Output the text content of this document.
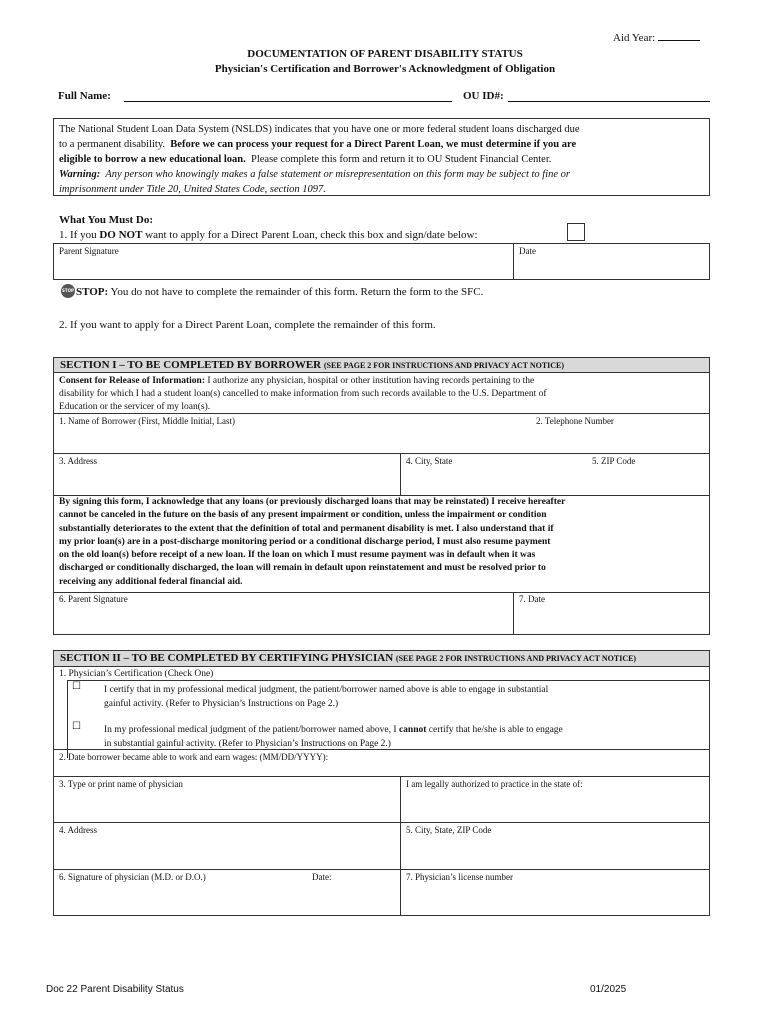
Aid Year:
DOCUMENTATION OF PARENT DISABILITY STATUS
Physician's Certification and Borrower's Acknowledgment of Obligation
Full Name:	OU ID#:
The National Student Loan Data System (NSLDS) indicates that you have one or more federal student loans discharged due
to a permanent disability. Before we can process your request for a Direct Parent Loan, we must determine if you are
eligible to borrow a new educational loan. Please complete this form and return it to OU Student Financial Center.
Warning: Any person who knowingly makes a false statement or misrepresentation on this form may be subject to fine or
imprisonment under Title 20, United States Code, section 1097.
What You Must Do:
1. If you DO NOT want to apply for a Direct Parent Loan, check this box and sign/date below:
Parent Signature	Date
STOP STOP: You do not have to complete the remainder of this form. Return the form to the SFC.
2. If you want to apply for a Direct Parent Loan, complete the remainder of this form.
SECTION I – TO BE COMPLETED BY BORROWER (SEE PAGE 2 FOR INSTRUCTIONS AND PRIVACY ACT NOTICE)
Consent for Release of Information: I authorize any physician, hospital or other institution having records pertaining to the
disability for which I had a student loan(s) cancelled to make information from such records available to the U.S. Department of
Education or the servicer of my loan(s).
1. Name of Borrower (First, Middle Initial, Last)	2. Telephone Number
3. Address	4. City, State	5. ZIP Code
By signing this form, I acknowledge that any loans (or previously discharged loans that may be reinstated) I receive hereafter
cannot be canceled in the future on the basis of any present impairment or condition, unless the impairment or condition
substantially deteriorates to the extent that the definition of total and permanent disability is met. I also understand that if
my prior loan(s) are in a post-discharge monitoring period or a conditional discharge period, I must also resume payment
on the old loan(s) before receipt of a new loan. If the loan on which I must resume payment was in default when it was
discharged or conditionally discharged, the loan will remain in default upon reinstatement and must be resolved prior to
receiving any additional federal financial aid.
6. Parent Signature	7. Date
SECTION II – TO BE COMPLETED BY CERTIFYING PHYSICIAN (SEE PAGE 2 FOR INSTRUCTIONS AND PRIVACY ACT NOTICE)
1. Physician’s Certification (Check One)
☐ I certify that in my professional medical judgment, the patient/borrower named above is able to engage in substantial
gainful activity. (Refer to Physician’s Instructions on Page 2.)
☐ In my professional medical judgment of the patient/borrower named above, I cannot certify that he/she is able to engage
in substantial gainful activity. (Refer to Physician’s Instructions on Page 2.)
2. Date borrower became able to work and earn wages: (MM/DD/YYYY):
3. Type or print name of physician	I am legally authorized to practice in the state of:
4. Address	5. City, State, ZIP Code
6. Signature of physician (M.D. or D.O.)	Date:	7. Physician’s license number
Doc 22 Parent Disability Status	01/2025
